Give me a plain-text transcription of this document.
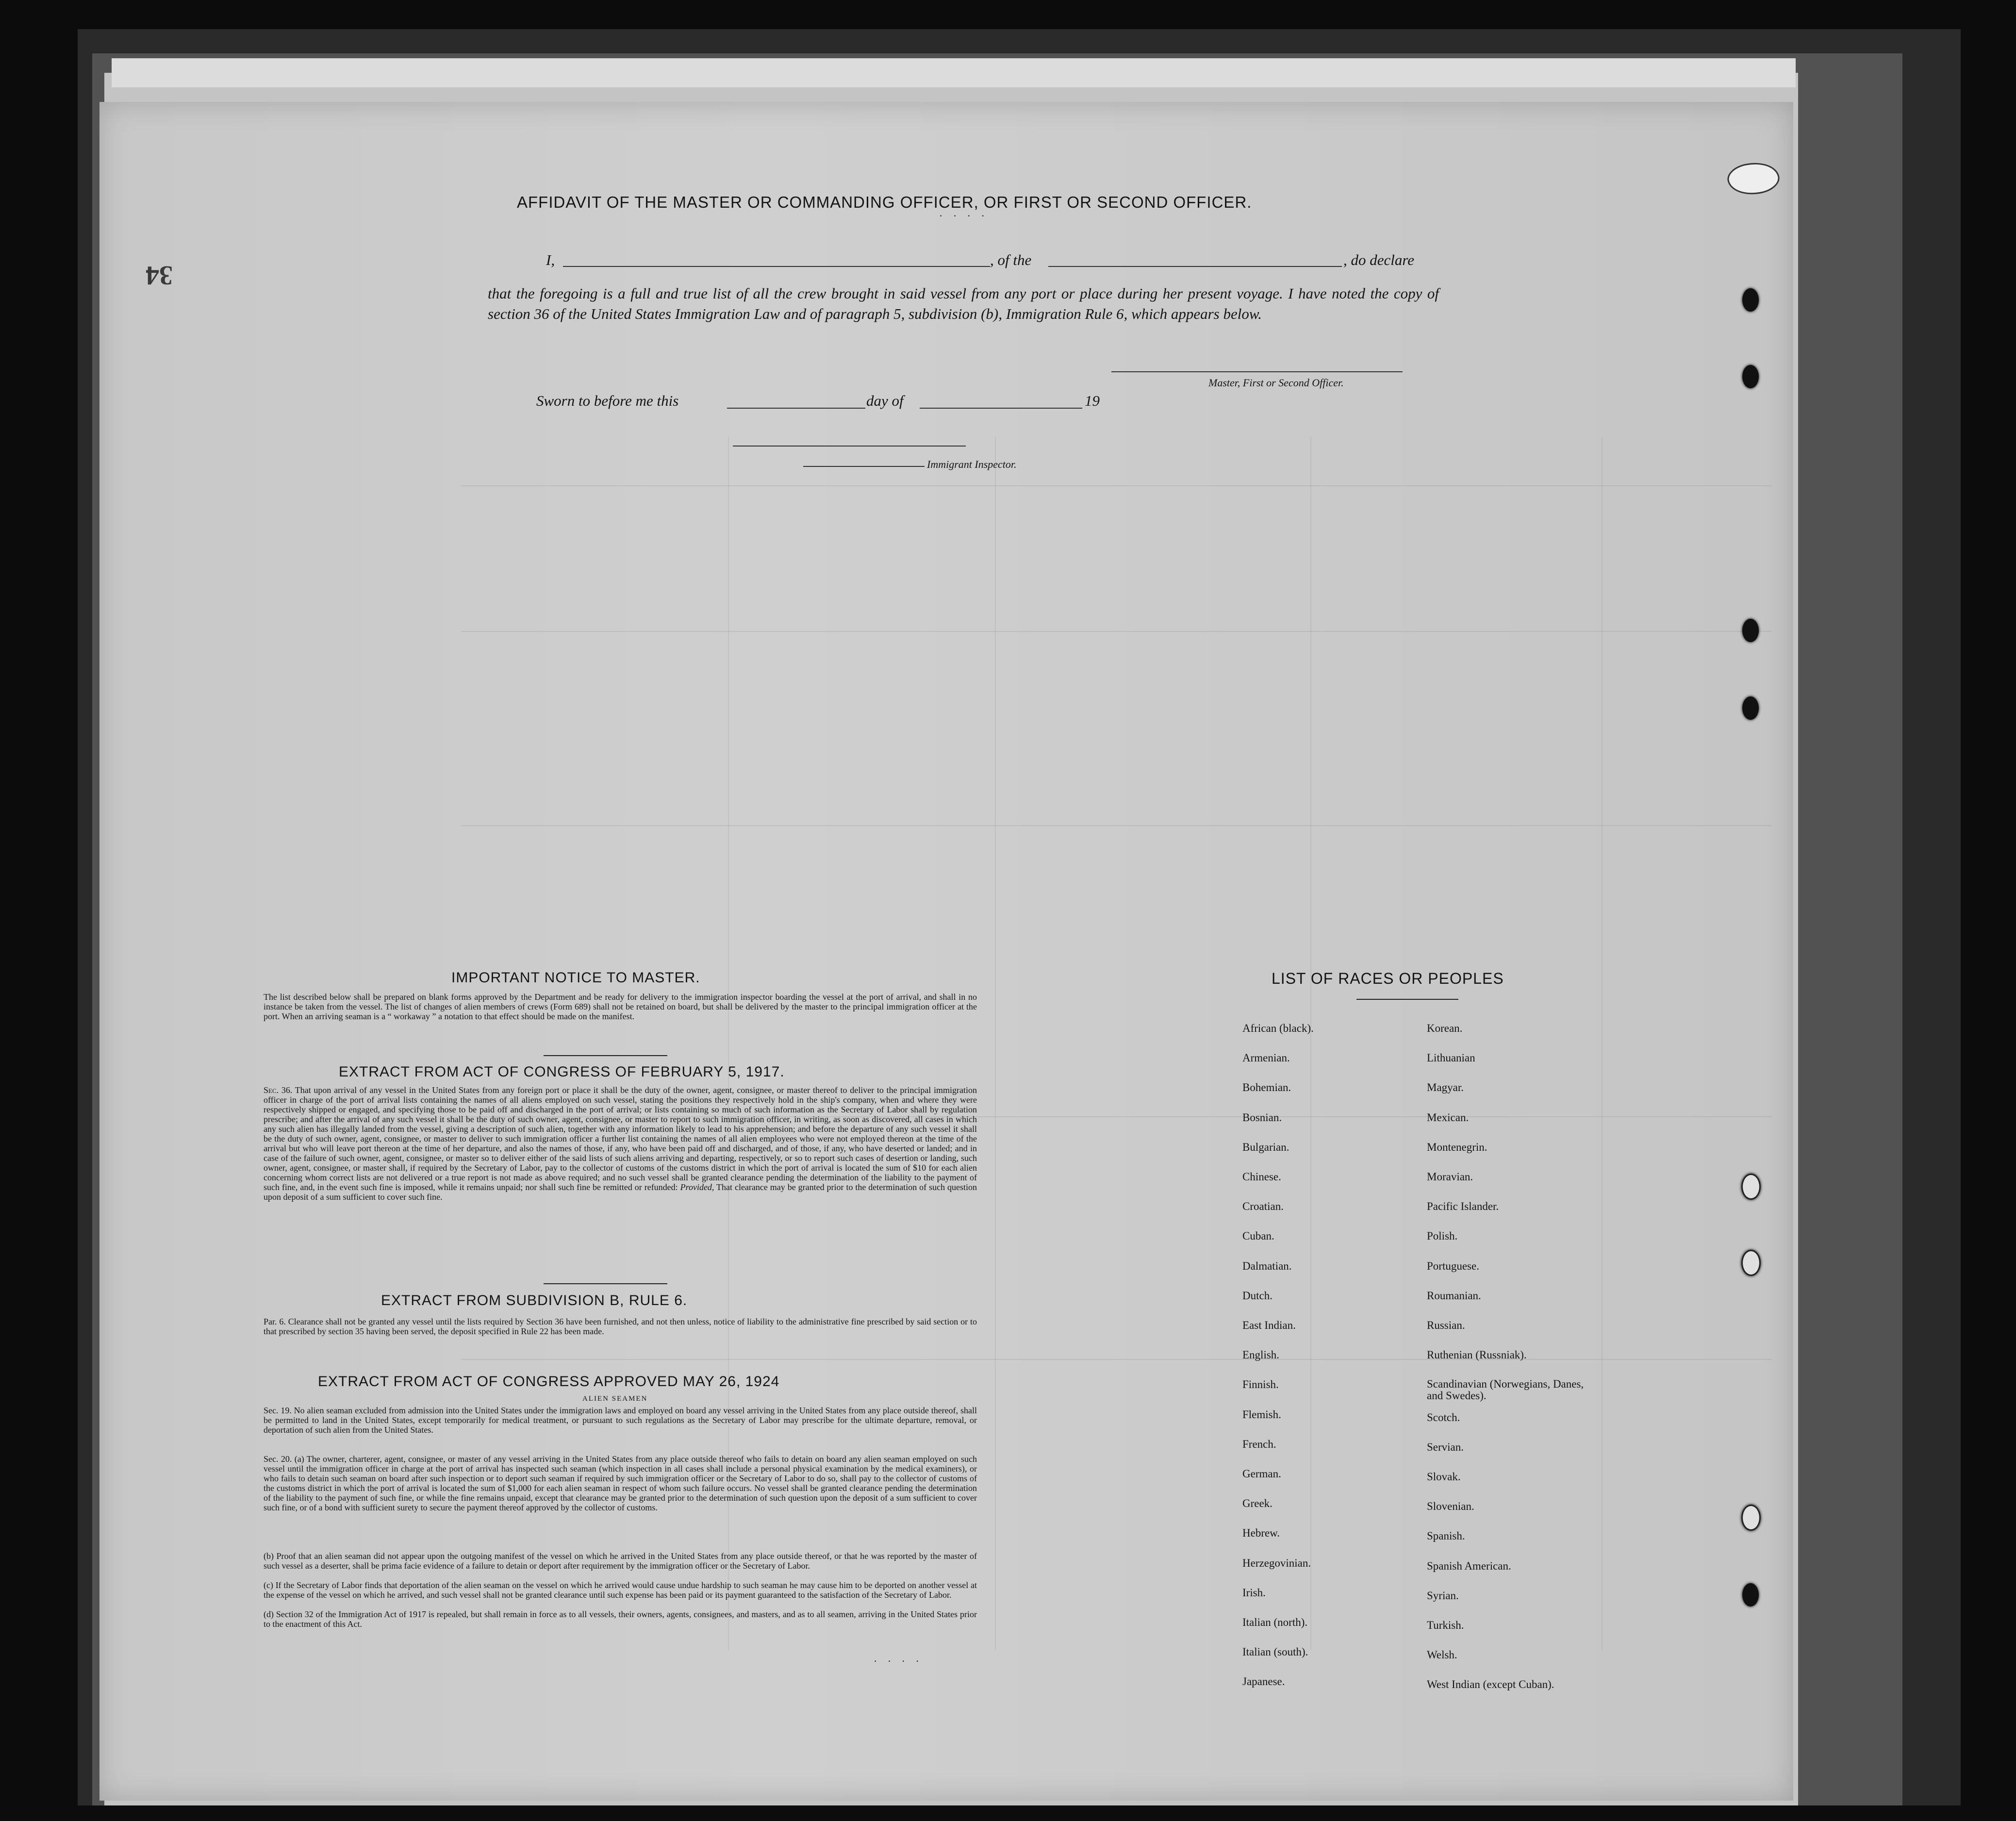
34
AFFIDAVIT OF THE MASTER OR COMMANDING OFFICER, OR FIRST OR SECOND OFFICER.
· · · ·
I,	, of the	, do declare
that the foregoing is a full and true list of all the crew brought in said vessel from any port or place during her present voyage. I have noted the copy of section 36 of the United States Immigration Law and of paragraph 5, subdivision (b), Immigration Rule 6, which appears below.
Master, First or Second Officer.
Sworn to before me this	day of	19
Immigrant Inspector.
IMPORTANT NOTICE TO MASTER.
The list described below shall be prepared on blank forms approved by the Department and be ready for delivery to the immigration inspector boarding the vessel at the port of arrival, and shall in no instance be taken from the vessel. The list of changes of alien members of crews (Form 689) shall not be retained on board, but shall be delivered by the master to the principal immigration officer at the port. When an arriving seaman is a “ workaway ” a notation to that effect should be made on the manifest.
EXTRACT FROM ACT OF CONGRESS OF FEBRUARY 5, 1917.
Sec. 36. That upon arrival of any vessel in the United States from any foreign port or place it shall be the duty of the owner, agent, consignee, or master thereof to deliver to the principal immigration officer in charge of the port of arrival lists containing the names of all aliens employed on such vessel, stating the positions they respectively hold in the ship's company, when and where they were respectively shipped or engaged, and specifying those to be paid off and discharged in the port of arrival; or lists containing so much of such information as the Secretary of Labor shall by regulation prescribe; and after the arrival of any such vessel it shall be the duty of such owner, agent, consignee, or master to report to such immigration officer, in writing, as soon as discovered, all cases in which any such alien has illegally landed from the vessel, giving a description of such alien, together with any information likely to lead to his apprehension; and before the departure of any such vessel it shall be the duty of such owner, agent, consignee, or master to deliver to such immigration officer a further list containing the names of all alien employees who were not employed thereon at the time of the arrival but who will leave port thereon at the time of her departure, and also the names of those, if any, who have been paid off and discharged, and of those, if any, who have deserted or landed; and in case of the failure of such owner, agent, consignee, or master so to deliver either of the said lists of such aliens arriving and departing, respectively, or so to report such cases of desertion or landing, such owner, agent, consignee, or master shall, if required by the Secretary of Labor, pay to the collector of customs of the customs district in which the port of arrival is located the sum of $10 for each alien concerning whom correct lists are not delivered or a true report is not made as above required; and no such vessel shall be granted clearance pending the determination of the liability to the payment of such fine, and, in the event such fine is imposed, while it remains unpaid; nor shall such fine be remitted or refunded: Provided, That clearance may be granted prior to the determination of such question upon deposit of a sum sufficient to cover such fine.
EXTRACT FROM SUBDIVISION B, RULE 6.
Par. 6. Clearance shall not be granted any vessel until the lists required by Section 36 have been furnished, and not then unless, notice of liability to the administrative fine prescribed by said section or to that prescribed by section 35 having been served, the deposit specified in Rule 22 has been made.
EXTRACT FROM ACT OF CONGRESS APPROVED MAY 26, 1924
ALIEN SEAMEN
Sec. 19. No alien seaman excluded from admission into the United States under the immigration laws and employed on board any vessel arriving in the United States from any place outside thereof, shall be permitted to land in the United States, except temporarily for medical treatment, or pursuant to such regulations as the Secretary of Labor may prescribe for the ultimate departure, removal, or deportation of such alien from the United States.
Sec. 20. (a) The owner, charterer, agent, consignee, or master of any vessel arriving in the United States from any place outside thereof who fails to detain on board any alien seaman employed on such vessel until the immigration officer in charge at the port of arrival has inspected such seaman (which inspection in all cases shall include a personal physical examination by the medical examiners), or who fails to detain such seaman on board after such inspection or to deport such seaman if required by such immigration officer or the Secretary of Labor to do so, shall pay to the collector of customs of the customs district in which the port of arrival is located the sum of $1,000 for each alien seaman in respect of whom such failure occurs. No vessel shall be granted clearance pending the determination of the liability to the payment of such fine, or while the fine remains unpaid, except that clearance may be granted prior to the determination of such question upon the deposit of a sum sufficient to cover such fine, or of a bond with sufficient surety to secure the payment thereof approved by the collector of customs.
(b) Proof that an alien seaman did not appear upon the outgoing manifest of the vessel on which he arrived in the United States from any place outside thereof, or that he was reported by the master of such vessel as a deserter, shall be prima facie evidence of a failure to detain or deport after requirement by the immigration officer or the Secretary of Labor.
(c) If the Secretary of Labor finds that deportation of the alien seaman on the vessel on which he arrived would cause undue hardship to such seaman he may cause him to be deported on another vessel at the expense of the vessel on which he arrived, and such vessel shall not be granted clearance until such expense has been paid or its payment guaranteed to the satisfaction of the Secretary of Labor.
(d) Section 32 of the Immigration Act of 1917 is repealed, but shall remain in force as to all vessels, their owners, agents, consignees, and masters, and as to all seamen, arriving in the United States prior to the enactment of this Act.
· · · ·
LIST OF RACES OR PEOPLES
African (black).
Armenian.
Bohemian.
Bosnian.
Bulgarian.
Chinese.
Croatian.
Cuban.
Dalmatian.
Dutch.
East Indian.
English.
Finnish.
Flemish.
French.
German.
Greek.
Hebrew.
Herzegovinian.
Irish.
Italian (north).
Italian (south).
Japanese.
Korean.
Lithuanian
Magyar.
Mexican.
Montenegrin.
Moravian.
Pacific Islander.
Polish.
Portuguese.
Roumanian.
Russian.
Ruthenian (Russniak).
Scandinavian (Norwegians, Danes, and Swedes).
Scotch.
Servian.
Slovak.
Slovenian.
Spanish.
Spanish American.
Syrian.
Turkish.
Welsh.
West Indian (except Cuban).
